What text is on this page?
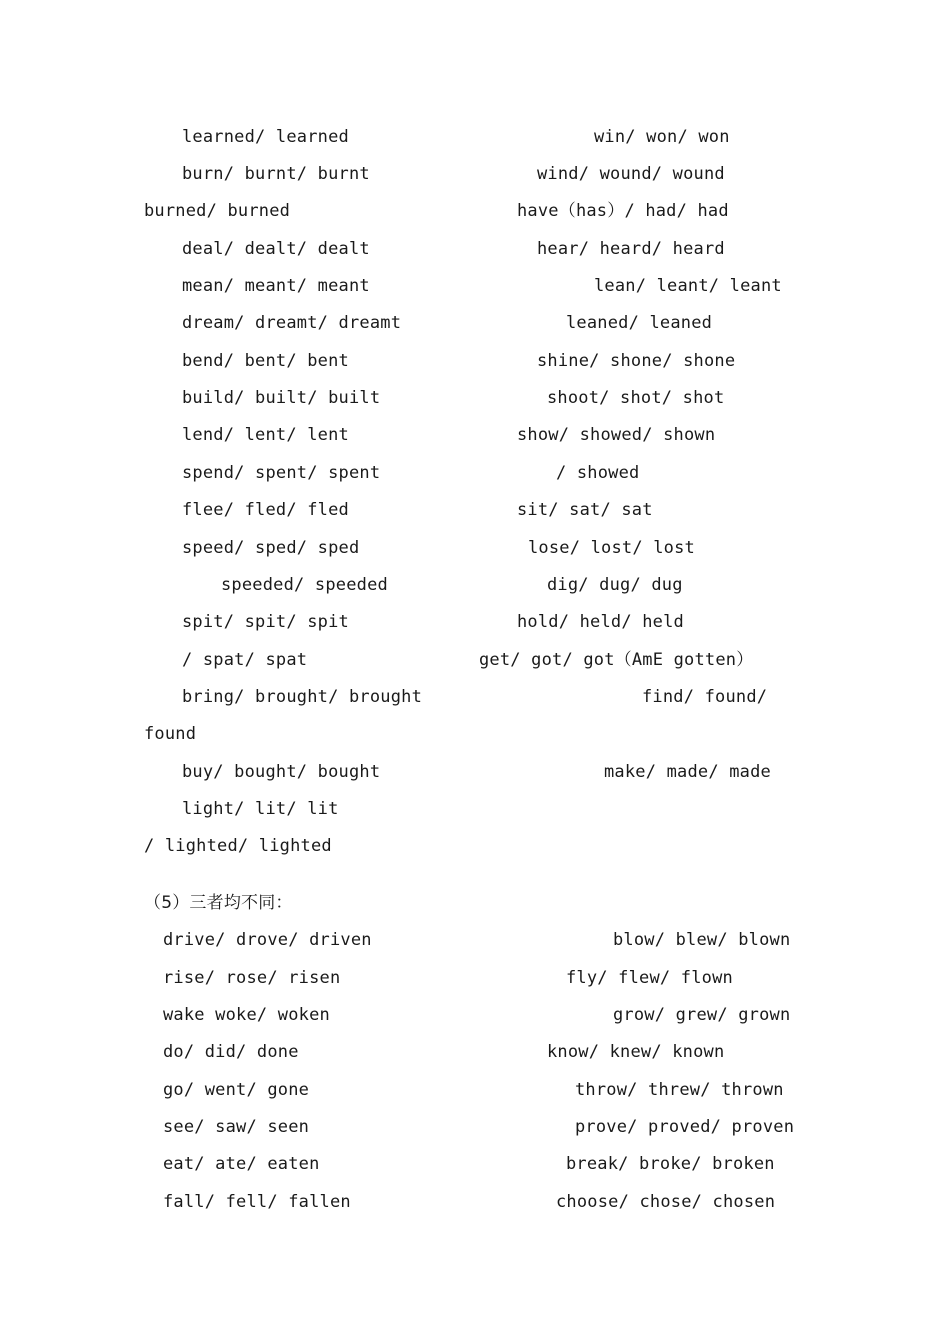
learned/ learned
burn/ burnt/ burnt
burned/ burned
deal/ dealt/ dealt
mean/ meant/ meant
dream/ dreamt/ dreamt
bend/ bent/ bent
build/ built/ built
lend/ lent/ lent
spend/ spent/ spent
flee/ fled/ fled
speed/ sped/ sped
speeded/ speeded
spit/ spit/ spit
/ spat/ spat
bring/ brought/ brought
found
buy/ bought/ bought
light/ lit/ lit
/ lighted/ lighted
win/ won/ won
wind/ wound/ wound
have（has）/ had/ had
hear/ heard/ heard
lean/ leant/ leant
leaned/ leaned
shine/ shone/ shone
shoot/ shot/ shot
show/ showed/ shown
/ showed
sit/ sat/ sat
lose/ lost/ lost
dig/ dug/ dug
hold/ held/ held
get/ got/ got（AmE gotten）
find/ found/
make/ made/ made
（5）三者均不同：
drive/ drove/ driven
rise/ rose/ risen
wake woke/ woken
do/ did/ done
go/ went/ gone
see/ saw/ seen
eat/ ate/ eaten
fall/ fell/ fallen
blow/ blew/ blown
fly/ flew/ flown
grow/ grew/ grown
know/ knew/ known
throw/ threw/ thrown
prove/ proved/ proven
break/ broke/ broken
choose/ chose/ chosen
